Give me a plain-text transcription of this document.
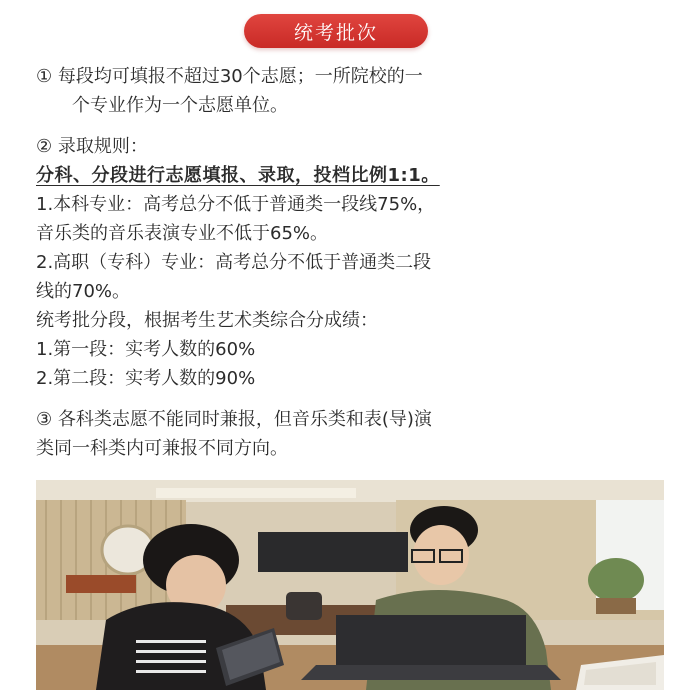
统考批次

① 每段均可填报不超过30个志愿；一所院校的一

个专业作为一个志愿单位。

② 录取规则：

分科、分段进行志愿填报、录取，投档比例1:1。

1.本科专业：高考总分不低于普通类一段线75%，

音乐类的音乐表演专业不低于65%。

2.高职（专科）专业：高考总分不低于普通类二段

线的70%。

统考批分段，根据考生艺术类综合分成绩：

1.第一段：实考人数的60%

2.第二段：实考人数的90%

③ 各科类志愿不能同时兼报，但音乐类和表(导)演

类同一科类内可兼报不同方向。
